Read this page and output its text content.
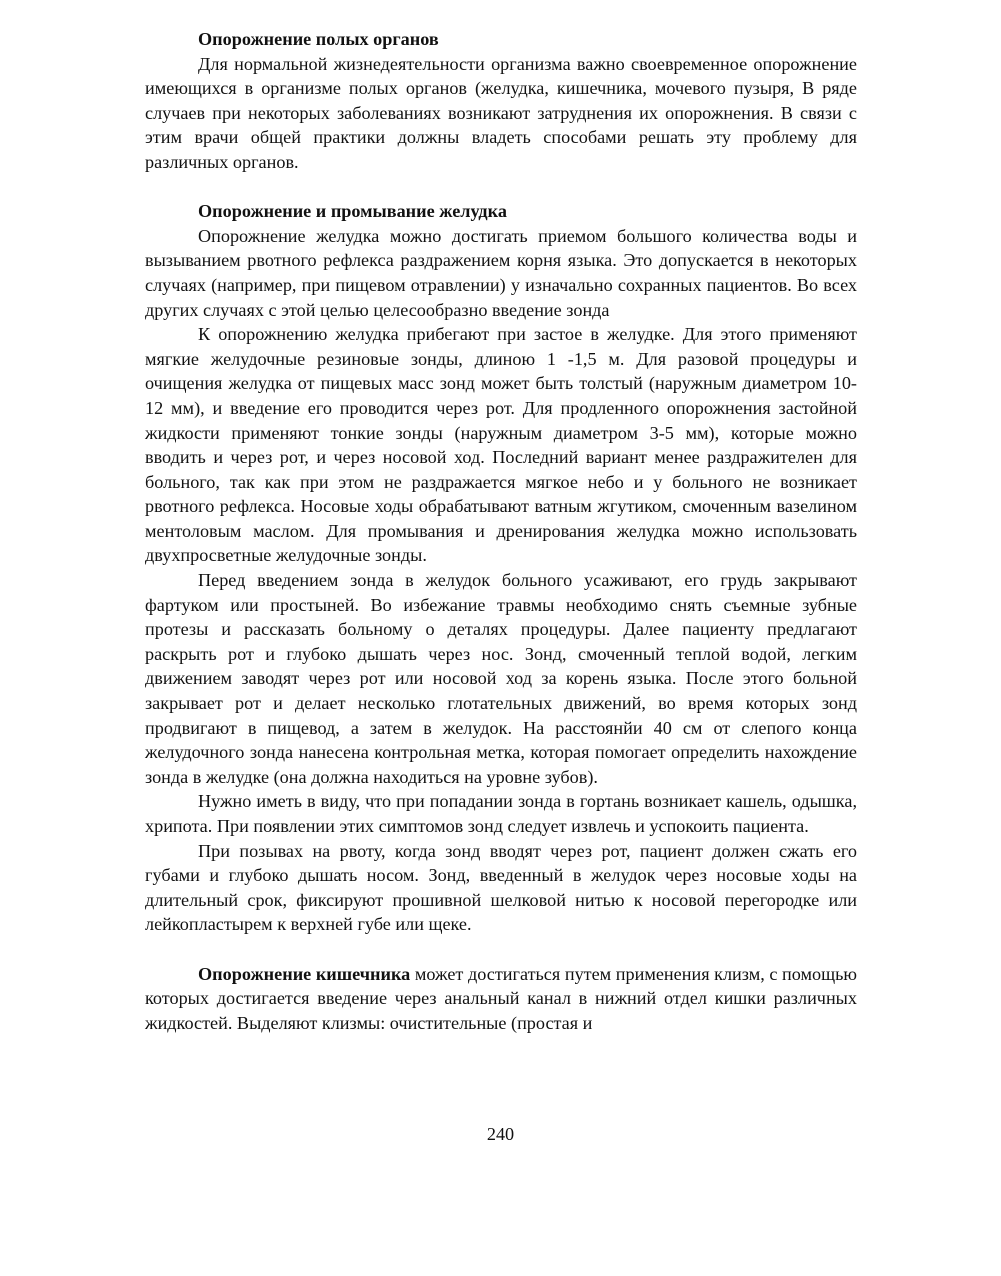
Опорожнение полых органов

Для нормальной жизнедеятельности организма важно своевременное опорожнение имеющихся в организме полых органов (желудка, кишечника, мочевого пузыря, В ряде случаев при некоторых заболеваниях возникают затруднения их опорожнения. В связи с этим врачи общей практики должны владеть способами решать эту проблему для различных органов.

Опорожнение и промывание желудка

Опорожнение желудка можно достигать приемом большого количества воды и вызыванием рвотного рефлекса раздражением корня языка. Это допускается в некоторых случаях (например, при пищевом отравлении) у изначально сохранных пациентов. Во всех других случаях с этой целью целесообразно введение зонда

К опорожнению желудка прибегают при застое в желудке. Для этого применяют мягкие желудочные резиновые зонды, длиною 1 -1,5 м. Для разовой процедуры и очищения желудка от пищевых масс зонд может быть толстый (наружным диаметром 10-12 мм), и введение его проводится через рот. Для продленного опорожнения застойной жидкости применяют тонкие зонды (наружным диаметром 3-5 мм), которые можно вводить и через рот, и через носовой ход. Последний вариант менее раздражителен для больного, так как при этом не раздражается мягкое небо и у больного не возникает рвотного рефлекса. Носовые ходы обрабатывают ватным жгутиком, смоченным вазелином ментоловым маслом. Для промывания и дренирования желудка можно использовать двухпросветные желудочные зонды.

Перед введением зонда в желудок больного усаживают, его грудь закрывают фартуком или простыней. Во избежание травмы необходимо снять съемные зубные протезы и рассказать больному о деталях процедуры. Далее пациенту предлагают раскрыть рот и глубоко дышать через нос. Зонд, смоченный теплой водой, легким движением заводят через рот или носовой ход за корень языка. После этого больной закрывает рот и делает несколько глотательных движений, во время которых зонд продвигают в пищевод, а затем в желудок. На расстоянйи 40 см от слепого конца желудочного зонда нанесена контрольная метка, которая помогает определить нахождение зонда в желудке (она должна находиться на уровне зубов).

Нужно иметь в виду, что при попадании зонда в гортань возникает кашель, одышка, хрипота. При появлении этих симптомов зонд следует извлечь и успокоить пациента.

При позывах на рвоту, когда зонд вводят через рот, пациент должен сжать его губами и глубоко дышать носом. Зонд, введенный в желудок через носовые ходы на длительный срок, фиксируют прошивной шелковой нитью к носовой перегородке или лейкопластырем к верхней губе или щеке.

Опорожнение кишечника может достигаться путем применения клизм, с помощью которых достигается введение через анальный канал в нижний отдел кишки различных жидкостей. Выделяют клизмы: очистительные (простая и

240
